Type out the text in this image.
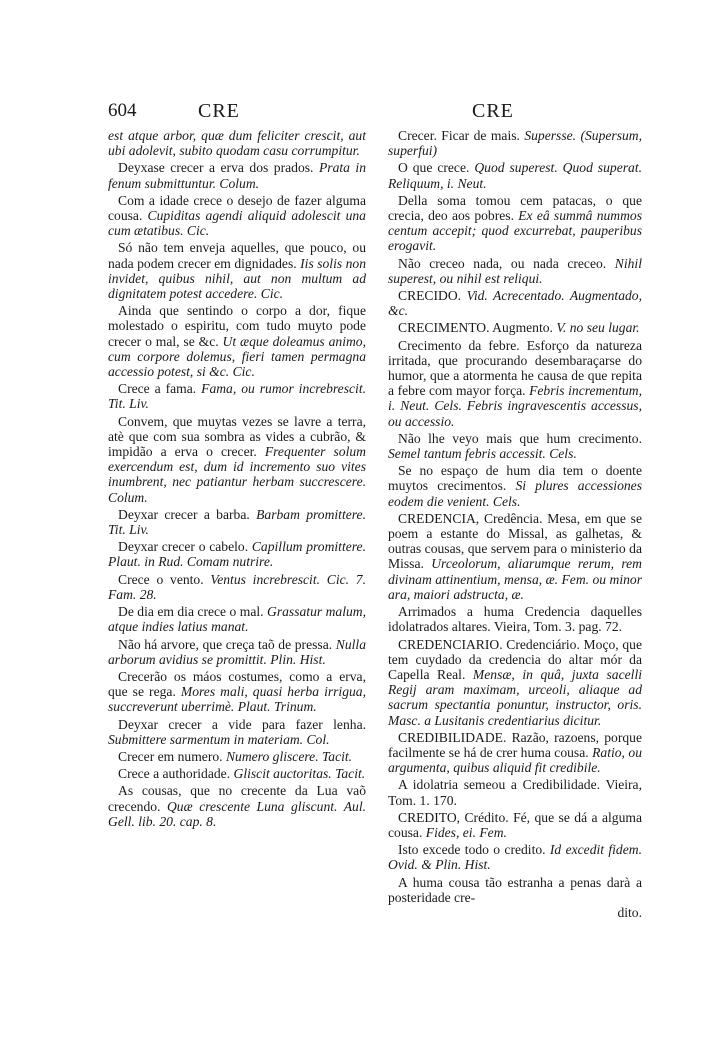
604	CRE	CRE

est atque arbor, quæ dum feliciter crescit, aut ubi adolevit, subito quodam casu corrumpitur.

Deyxase crecer a erva dos prados. Prata in fenum submittuntur. Colum.

Com a idade crece o desejo de fazer alguma cousa. Cupiditas agendi aliquid adolescit una cum ætatibus. Cic.

Só não tem enveja aquelles, que pouco, ou nada podem crecer em dignidades. Iis solis non invidet, quibus nihil, aut non multum ad dignitatem potest accedere. Cic.

Ainda que sentindo o corpo a dor, fique molestado o espiritu, com tudo muyto pode crecer o mal, se &c. Ut æque doleamus animo, cum corpore dolemus, fieri tamen permagna accessio potest, si &c. Cic.

Crece a fama. Fama, ou rumor increbrescit. Tit. Liv.

Convem, que muytas vezes se lavre a terra, atè que com sua sombra as vides a cubrão, & impidão a erva o crecer. Frequenter solum exercendum est, dum id incremento suo vites inumbrent, nec patiantur herbam succrescere. Colum.

Deyxar crecer a barba. Barbam promittere. Tit. Liv.

Deyxar crecer o cabelo. Capillum promittere. Plaut. in Rud. Comam nutrire.

Crece o vento. Ventus increbrescit. Cic. 7. Fam. 28.

De dia em dia crece o mal. Grassatur malum, atque indies latius manat.

Não há arvore, que creça taõ de pressa. Nulla arborum avidius se promittit. Plin. Hist.

Crecerão os máos costumes, como a erva, que se rega. Mores mali, quasi herba irrigua, succreverunt uberrimè. Plaut. Trinum.

Deyxar crecer a vide para fazer lenha. Submittere sarmentum in materiam. Col.

Crecer em numero. Numero gliscere. Tacit.

Crece a authoridade. Gliscit auctoritas. Tacit.

As cousas, que no crecente da Lua vaõ crecendo. Quæ crescente Luna gliscunt. Aul. Gell. lib. 20. cap. 8.

Crecer. Ficar de mais. Supersse. (Supersum, superfui)

O que crece. Quod superest. Quod superat. Reliquum, i. Neut.

Della soma tomou cem patacas, o que crecia, deo aos pobres. Ex eâ summâ nummos centum accepit; quod excurrebat, pauperibus erogavit.

Não creceo nada, ou nada creceo. Nihil superest, ou nihil est reliqui.

CRECIDO. Vid. Acrecentado. Augmentado, &c.

CRECIMENTO. Augmento. V. no seu lugar.

Crecimento da febre. Esforço da natureza irritada, que procurando desembaraçarse do humor, que a atormenta he causa de que repita a febre com mayor força. Febris incrementum, i. Neut. Cels. Febris ingravescentis accessus, ou accessio.

Não lhe veyo mais que hum crecimento. Semel tantum febris accessit. Cels.

Se no espaço de hum dia tem o doente muytos crecimentos. Si plures accessiones eodem die venient. Cels.

CREDENCIA, Credência. Mesa, em que se poem a estante do Missal, as galhetas, & outras cousas, que servem para o ministerio da Missa. Urceolorum, aliarumque rerum, rem divinam attinentium, mensa, æ. Fem. ou minor ara, maiori adstructa, æ.

Arrimados a huma Credencia daquelles idolatrados altares. Vieira, Tom. 3. pag. 72.

CREDENCIARIO. Credenciário. Moço, que tem cuydado da credencia do altar mór da Capella Real. Mensæ, in quâ, juxta sacelli Regij aram maximam, urceoli, aliaque ad sacrum spectantia ponuntur, instructor, oris. Masc. a Lusitanis credentiarius dicitur.

CREDIBILIDADE. Razão, razoens, porque facilmente se há de crer huma cousa. Ratio, ou argumenta, quibus aliquid fit credibile.

A idolatria semeou a Credibilidade. Vieira, Tom. 1. 170.

CREDITO, Crédito. Fé, que se dá a alguma cousa. Fides, ei. Fem.

Isto excede todo o credito. Id excedit fidem. Ovid. & Plin. Hist.

A huma cousa tão estranha a penas darà a posteridade cre-

dito.
